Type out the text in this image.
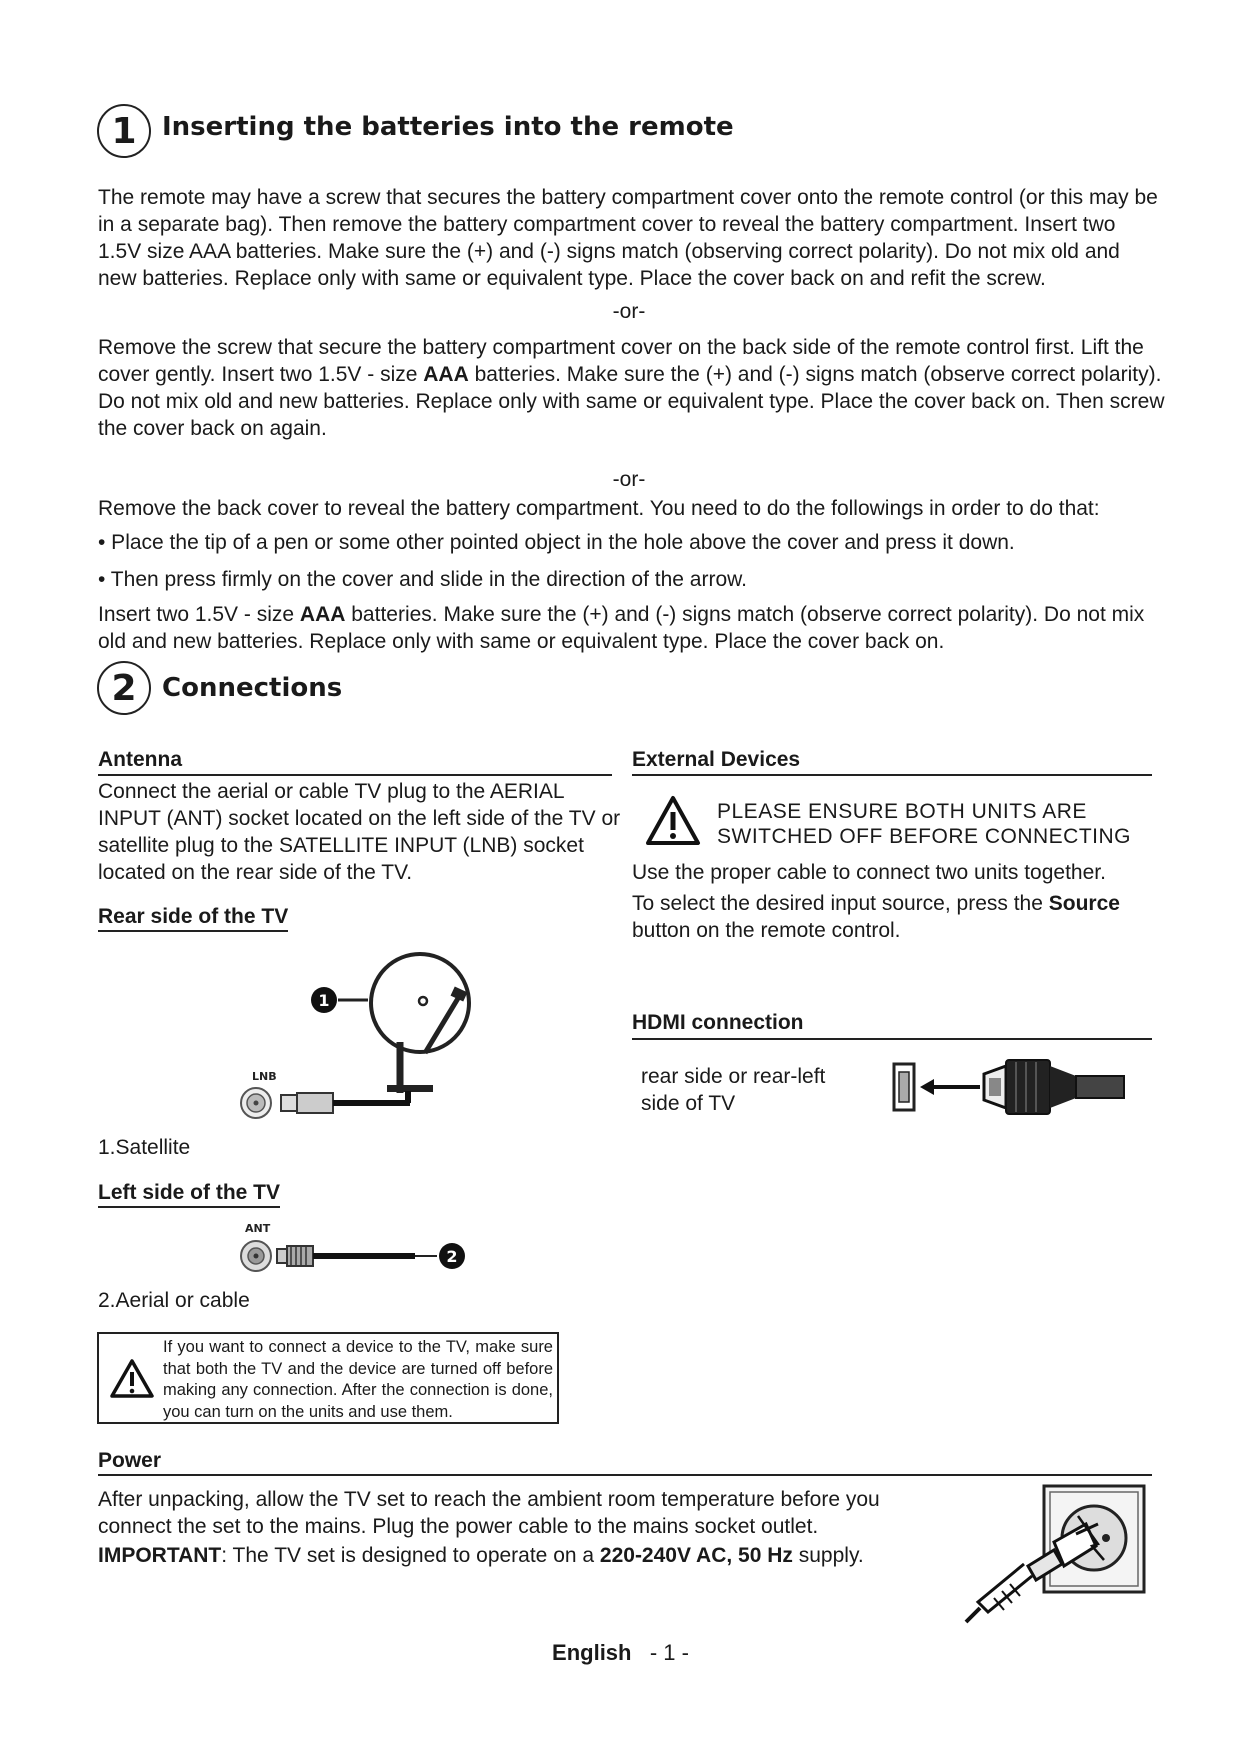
1 Inserting the batteries into the remote

The remote may have a screw that secures the battery compartment cover onto the remote control (or this may be in a separate bag). Then remove the battery compartment cover to reveal the battery compartment. Insert two 1.5V size AAA batteries. Make sure the (+) and (-) signs match (observing correct polarity). Do not mix old and new batteries. Replace only with same or equivalent type. Place the cover back on and refit the screw.

-or-

Remove the screw that secure the battery compartment cover on the back side of the remote control first. Lift the cover gently. Insert two 1.5V - size AAA batteries. Make sure the (+) and (-) signs match (observe correct polarity). Do not mix old and new batteries. Replace only with same or equivalent type. Place the cover back on. Then screw the cover back on again.

-or-

Remove the back cover to reveal the battery compartment. You need to do the followings in order to do that:

• Place the tip of a pen or some other pointed object in the hole above the cover and press it down.
• Then press firmly on the cover and slide in the direction of the arrow.

Insert two 1.5V - size AAA batteries. Make sure the (+) and (-) signs match (observe correct polarity). Do not mix old and new batteries. Replace only with same or equivalent type. Place the cover back on.

2 Connections
Antenna

Connect the aerial or cable TV plug to the AERIAL INPUT (ANT) socket located on the left side of the TV or satellite plug to the SATELLITE INPUT (LNB) socket located on the rear side of the TV.

Rear side of the TV
1
LNB
1.Satellite
Left side of the TV
ANT
2
2.Aerial or cable

If you want to connect a device to the TV, make sure that both the TV and the device are turned off before making any connection. After the connection is done, you can turn on the units and use them.

External Devices
PLEASE ENSURE BOTH UNITS ARE
SWITCHED OFF BEFORE CONNECTING

Use the proper cable to connect two units together.

To select the desired input source, press the Source button on the remote control.

HDMI connection

rear side or rear-left side of TV

Power

After unpacking, allow the TV set to reach the ambient room temperature before you connect the set to the mains. Plug the power cable to the mains socket outlet.

IMPORTANT: The TV set is designed to operate on a 220-240V AC, 50 Hz supply.

English - 1 -
